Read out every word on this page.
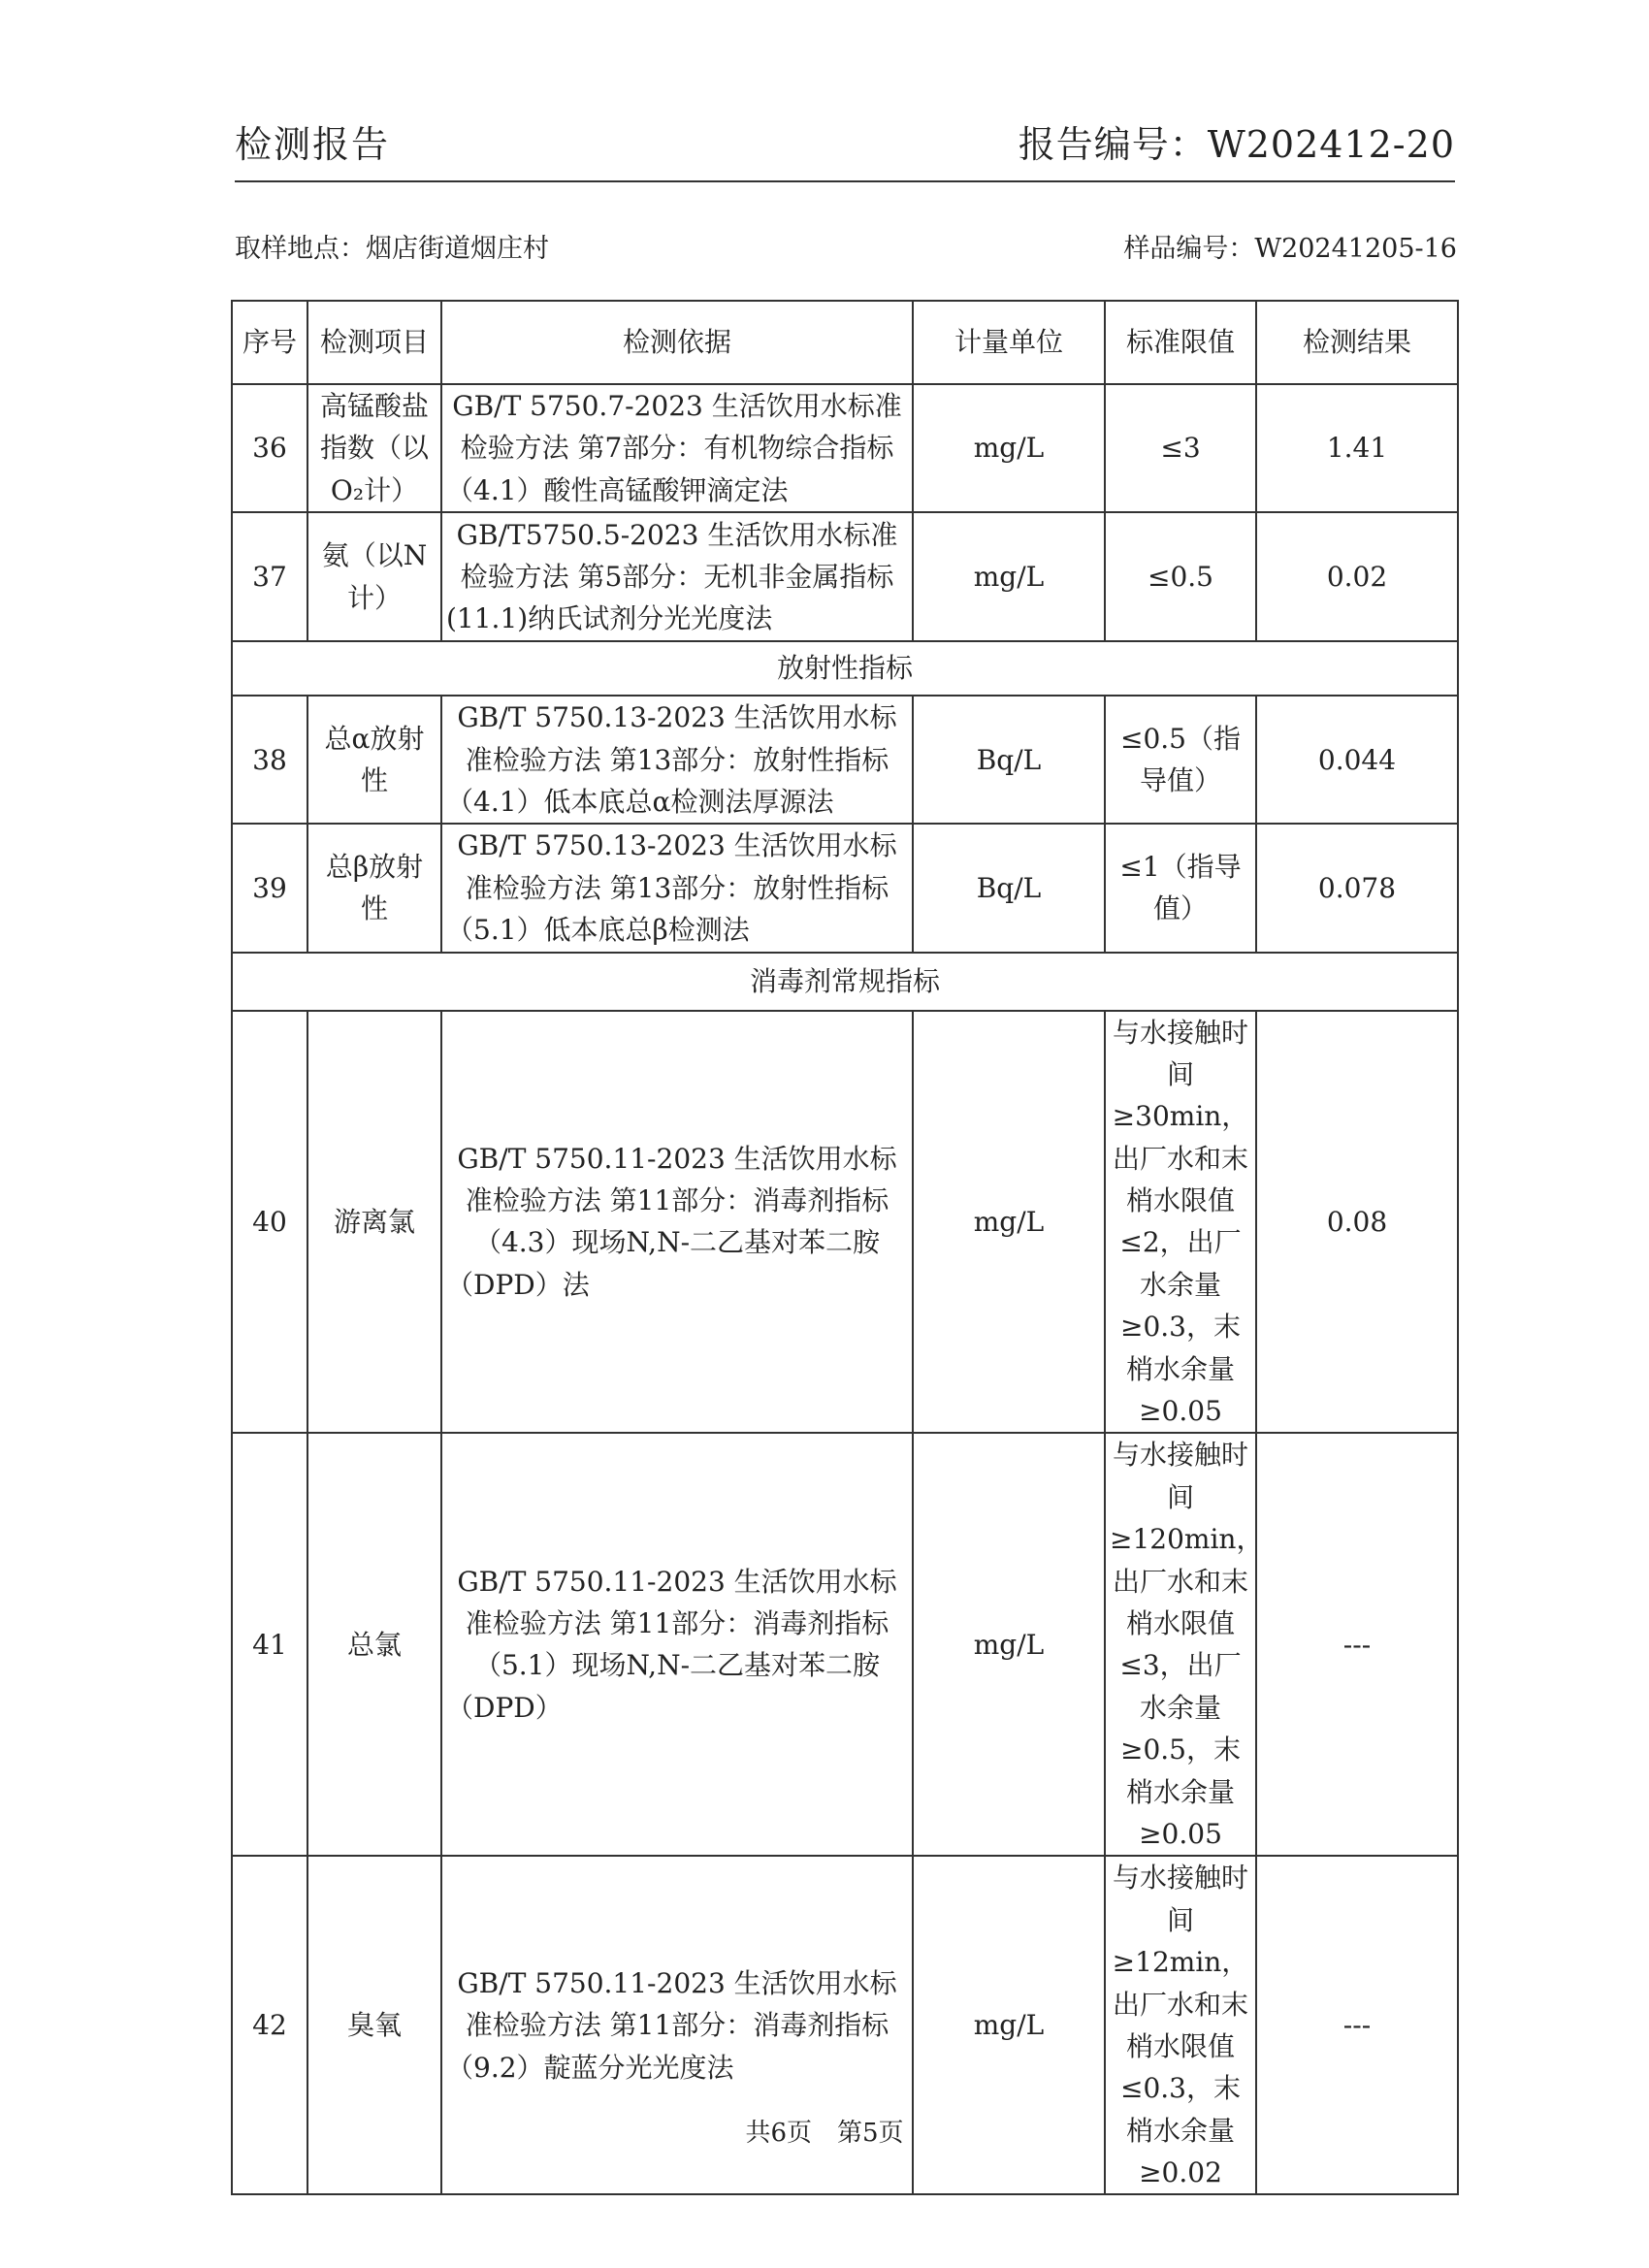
检测报告	报告编号：W202412-20
取样地点：烟店街道烟庄村	样品编号：W20241205-16
序号	检测项目	检测依据	计量单位	标准限值	检测结果
36	高锰酸盐指数（以O₂计）	GB/T 5750.7-2023 生活饮用水标准检验方法 第7部分：有机物综合指标（4.1）酸性高锰酸钾滴定法	mg/L	≤3	1.41
37	氨（以N计）	GB/T5750.5-2023 生活饮用水标准检验方法 第5部分：无机非金属指标(11.1)纳氏试剂分光光度法	mg/L	≤0.5	0.02
放射性指标					
38	总α放射性	GB/T 5750.13-2023 生活饮用水标准检验方法 第13部分：放射性指标（4.1）低本底总α检测法厚源法	Bq/L	≤0.5（指导值）	0.044
39	总β放射性	GB/T 5750.13-2023 生活饮用水标准检验方法 第13部分：放射性指标（5.1）低本底总β检测法	Bq/L	≤1（指导值）	0.078
消毒剂常规指标					
40	游离氯	GB/T 5750.11-2023 生活饮用水标准检验方法 第11部分：消毒剂指标（4.3）现场N,N-二乙基对苯二胺（DPD）法	mg/L	与水接触时间≥30min，出厂水和末梢水限值≤2，出厂水余量≥0.3，末梢水余量≥0.05	0.08
41	总氯	GB/T 5750.11-2023 生活饮用水标准检验方法 第11部分：消毒剂指标（5.1）现场N,N-二乙基对苯二胺（DPD）	mg/L	与水接触时间≥120min，出厂水和末梢水限值≤3，出厂水余量≥0.5，末梢水余量≥0.05	---
42	臭氧	GB/T 5750.11-2023 生活饮用水标准检验方法 第11部分：消毒剂指标（9.2）靛蓝分光光度法	mg/L	与水接触时间≥12min，出厂水和末梢水限值≤0.3，末梢水余量≥0.02	---
共6页　第5页
